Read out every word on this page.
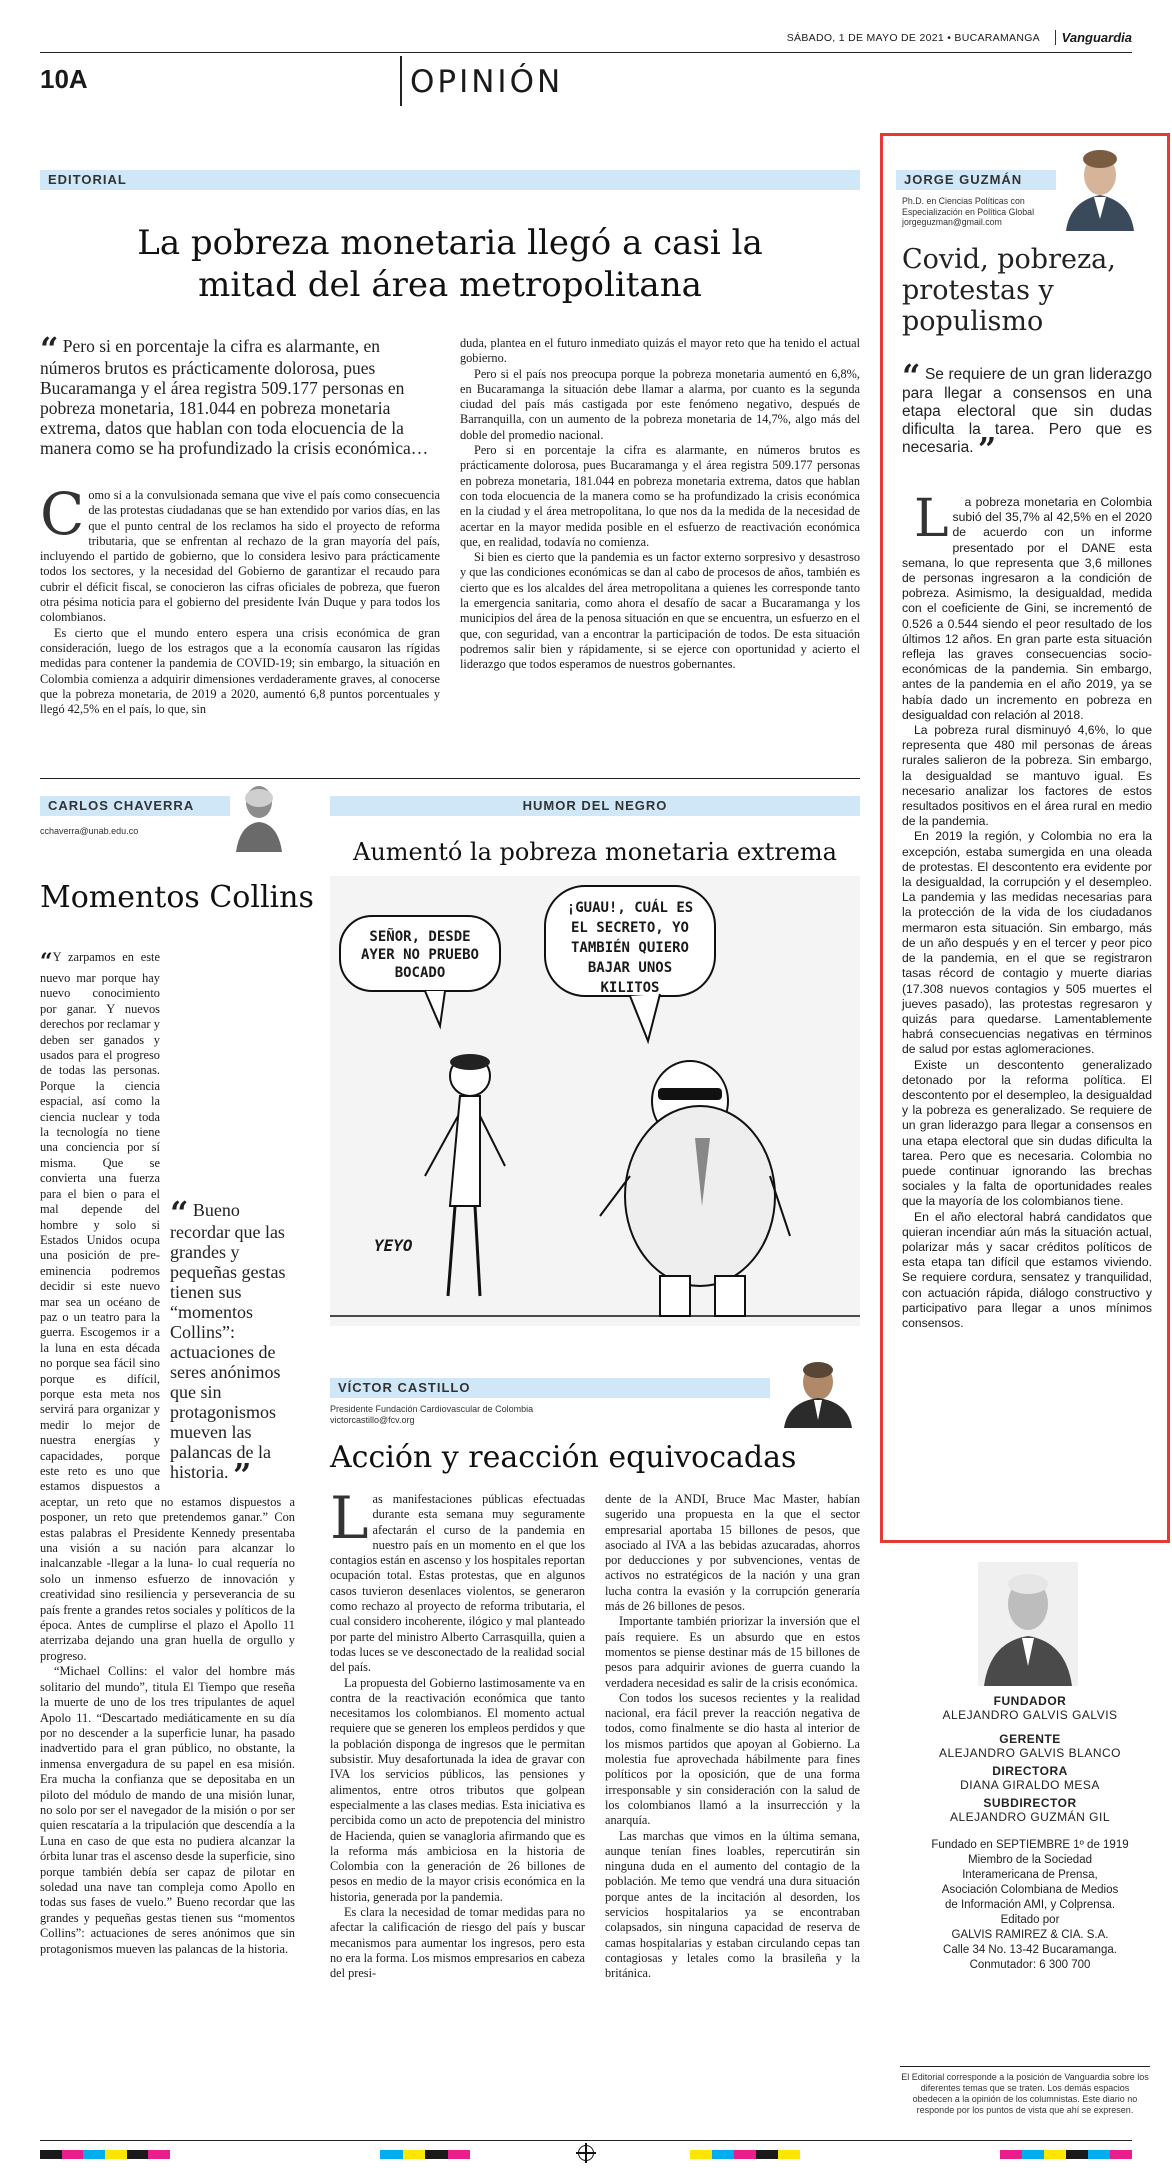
SÁBADO, 1 DE MAYO DE 2021 • BUCARAMANGA	Vanguardia
10A	OPINIÓN
EDITORIAL
La pobreza monetaria llegó a casi la mitad del área metropolitana
“ Pero si en porcentaje la cifra es alarmante, en números brutos es prácticamente dolorosa, pues Bucaramanga y el área registra 509.177 personas en pobreza monetaria, 181.044 en pobreza monetaria extrema, datos que hablan con toda elocuencia de la manera como se ha profundizado la crisis económica…

Como si a la convulsionada semana que vive el país como consecuencia de las protestas ciudadanas que se han extendido por varios días, en las que el punto central de los reclamos ha sido el proyecto de reforma tributaria, que se enfrentan al rechazo de la gran mayoría del país, incluyendo el partido de gobierno, que lo considera lesivo para prácticamente todos los sectores, y la necesidad del Gobierno de garantizar el recaudo para cubrir el déficit fiscal, se conocieron las cifras oficiales de pobreza, que fueron otra pésima noticia para el gobierno del presidente Iván Duque y para todos los colombianos.

Es cierto que el mundo entero espera una crisis económica de gran consideración, luego de los estragos que a la economía causaron las rígidas medidas para contener la pandemia de COVID-19; sin embargo, la situación en Colombia comienza a adquirir dimensiones verdaderamente graves, al conocerse que la pobreza monetaria, de 2019 a 2020, aumentó 6,8 puntos porcentuales y llegó 42,5% en el país, lo que, sin

duda, plantea en el futuro inmediato quizás el mayor reto que ha tenido el actual gobierno.

Pero si el país nos preocupa porque la pobreza monetaria aumentó en 6,8%, en Bucaramanga la situación debe llamar a alarma, por cuanto es la segunda ciudad del país más castigada por este fenómeno negativo, después de Barranquilla, con un aumento de la pobreza monetaria de 14,7%, algo más del doble del promedio nacional.

Pero si en porcentaje la cifra es alarmante, en números brutos es prácticamente dolorosa, pues Bucaramanga y el área registra 509.177 personas en pobreza monetaria, 181.044 en pobreza monetaria extrema, datos que hablan con toda elocuencia de la manera como se ha profundizado la crisis económica en la ciudad y el área metropolitana, lo que nos da la medida de la necesidad de acertar en la mayor medida posible en el esfuerzo de reactivación económica que, en realidad, todavía no comienza.

Si bien es cierto que la pandemia es un factor externo sorpresivo y desastroso y que las condiciones económicas se dan al cabo de procesos de años, también es cierto que es los alcaldes del área metropolitana a quienes les corresponde tanto la emergencia sanitaria, como ahora el desafío de sacar a Bucaramanga y los municipios del área de la penosa situación en que se encuentra, un esfuerzo en el que, con seguridad, van a encontrar la participación de todos. De esta situación podremos salir bien y rápidamente, si se ejerce con oportunidad y acierto el liderazgo que todos esperamos de nuestros gobernantes.

CARLOS CHAVERRA
cchaverra@unab.edu.co
Momentos Collins
“ Bueno recordar que las grandes y pequeñas gestas tienen sus “momentos Collins”: actuaciones de seres anónimos que sin protagonismos mueven las palancas de la historia. ”

“Y zarpamos en este nuevo mar porque hay nuevo conocimiento por ganar. Y nuevos derechos por reclamar y deben ser ganados y usados para el progreso de todas las personas. Porque la ciencia espacial, así como la ciencia nuclear y toda la tecnología no tiene una conciencia por sí misma. Que se convierta una fuerza para el bien o para el mal depende del hombre y solo si Estados Unidos ocupa una posición de pre-eminencia podremos decidir si este nuevo mar sea un océano de paz o un teatro para la guerra. Escogemos ir a la luna en esta década no porque sea fácil sino porque es difícil, porque esta meta nos servirá para organizar y medir lo mejor de nuestra energías y capacidades, porque este reto es uno que estamos dispuestos a aceptar, un reto que no estamos dispuestos a posponer, un reto que pretendemos ganar.” Con estas palabras el Presidente Kennedy presentaba una visión a su nación para alcanzar lo inalcanzable -llegar a la luna- lo cual requería no solo un inmenso esfuerzo de innovación y creatividad sino resiliencia y perseverancia de su país frente a grandes retos sociales y políticos de la época. Antes de cumplirse el plazo el Apollo 11 aterrizaba dejando una gran huella de orgullo y progreso.

“Michael Collins: el valor del hombre más solitario del mundo”, titula El Tiempo que reseña la muerte de uno de los tres tripulantes de aquel Apolo 11. “Descartado mediáticamente en su día por no descender a la superficie lunar, ha pasado inadvertido para el gran público, no obstante, la inmensa envergadura de su papel en esa misión. Era mucha la confianza que se depositaba en un piloto del módulo de mando de una misión lunar, no solo por ser el navegador de la misión o por ser quien rescataría a la tripulación que descendía a la Luna en caso de que esta no pudiera alcanzar la órbita lunar tras el ascenso desde la superficie, sino porque también debía ser capaz de pilotar en soledad una nave tan compleja como Apollo en todas sus fases de vuelo.” Bueno recordar que las grandes y pequeñas gestas tienen sus “momentos Collins”: actuaciones de seres anónimos que sin protagonismos mueven las palancas de la historia.

HUMOR DEL NEGRO
Aumentó la pobreza monetaria extrema
SEÑOR, DESDE AYER NO PRUEBO BOCADO
¡GUAU!, CUÁL ES EL SECRETO, YO TAMBIÉN QUIERO BAJAR UNOS KILITOS
YEYO
VÍCTOR CASTILLO
Presidente Fundación Cardiovascular de Colombia
victorcastillo@fcv.org
Acción y reacción equivocadas

Las manifestaciones públicas efectuadas durante esta semana muy seguramente afectarán el curso de la pandemia en nuestro país en un momento en el que los contagios están en ascenso y los hospitales reportan ocupación total. Estas protestas, que en algunos casos tuvieron desenlaces violentos, se generaron como rechazo al proyecto de reforma tributaria, el cual considero incoherente, ilógico y mal planteado por parte del ministro Alberto Carrasquilla, quien a todas luces se ve desconectado de la realidad social del país.

La propuesta del Gobierno lastimosamente va en contra de la reactivación económica que tanto necesitamos los colombianos. El momento actual requiere que se generen los empleos perdidos y que la población disponga de ingresos que le permitan subsistir. Muy desafortunada la idea de gravar con IVA los servicios públicos, las pensiones y alimentos, entre otros tributos que golpean especialmente a las clases medias. Esta iniciativa es percibida como un acto de prepotencia del ministro de Hacienda, quien se vanagloria afirmando que es la reforma más ambiciosa en la historia de Colombia con la generación de 26 billones de pesos en medio de la mayor crisis económica en la historia, generada por la pandemia.

Es clara la necesidad de tomar medidas para no afectar la calificación de riesgo del país y buscar mecanismos para aumentar los ingresos, pero esta no era la forma. Los mismos empresarios en cabeza del presi-

dente de la ANDI, Bruce Mac Master, habían sugerido una propuesta en la que el sector empresarial aportaba 15 billones de pesos, que asociado al IVA a las bebidas azucaradas, ahorros por deducciones y por subvenciones, ventas de activos no estratégicos de la nación y una gran lucha contra la evasión y la corrupción generaría más de 26 billones de pesos.

Importante también priorizar la inversión que el país requiere. Es un absurdo que en estos momentos se piense destinar más de 15 billones de pesos para adquirir aviones de guerra cuando la verdadera necesidad es salir de la crisis económica.

Con todos los sucesos recientes y la realidad nacional, era fácil prever la reacción negativa de todos, como finalmente se dio hasta al interior de los mismos partidos que apoyan al Gobierno. La molestia fue aprovechada hábilmente para fines políticos por la oposición, que de una forma irresponsable y sin consideración con la salud de los colombianos llamó a la insurrección y la anarquía.

Las marchas que vimos en la última semana, aunque tenían fines loables, repercutirán sin ninguna duda en el aumento del contagio de la población. Me temo que vendrá una dura situación porque antes de la incitación al desorden, los servicios hospitalarios ya se encontraban colapsados, sin ninguna capacidad de reserva de camas hospitalarias y estaban circulando cepas tan contagiosas y letales como la brasileña y la británica.

JORGE GUZMÁN
Ph.D. en Ciencias Políticas con
Especialización en Política Global
jorgeguzman@gmail.com
Covid, pobreza, protestas y populismo
“ Se requiere de un gran liderazgo para llegar a consensos en una etapa electoral que sin dudas dificulta la tarea. Pero que es necesaria. ”

L a pobreza monetaria en Colombia subió del 35,7% al 42,5% en el 2020 de acuerdo con un informe presentado por el DANE esta semana, lo que representa que 3,6 millones de personas ingresaron a la condición de pobreza. Asimismo, la desigualdad, medida con el coeficiente de Gini, se incrementó de 0.526 a 0.544 siendo el peor resultado de los últimos 12 años. En gran parte esta situación refleja las graves consecuencias socio-económicas de la pandemia. Sin embargo, antes de la pandemia en el año 2019, ya se había dado un incremento en pobreza en desigualdad con relación al 2018.

La pobreza rural disminuyó 4,6%, lo que representa que 480 mil personas de áreas rurales salieron de la pobreza. Sin embargo, la desigualdad se mantuvo igual. Es necesario analizar los factores de estos resultados positivos en el área rural en medio de la pandemia.

En 2019 la región, y Colombia no era la excepción, estaba sumergida en una oleada de protestas. El descontento era evidente por la desigualdad, la corrupción y el desempleo. La pandemia y las medidas necesarias para la protección de la vida de los ciudadanos mermaron esta situación. Sin embargo, más de un año después y en el tercer y peor pico de la pandemia, en el que se registraron tasas récord de contagio y muerte diarias (17.308 nuevos contagios y 505 muertes el jueves pasado), las protestas regresaron y quizás para quedarse. Lamentablemente habrá consecuencias negativas en términos de salud por estas aglomeraciones.

Existe un descontento generalizado detonado por la reforma política. El descontento por el desempleo, la desigualdad y la pobreza es generalizado. Se requiere de un gran liderazgo para llegar a consensos en una etapa electoral que sin dudas dificulta la tarea. Pero que es necesaria. Colombia no puede continuar ignorando las brechas sociales y la falta de oportunidades reales que la mayoría de los colombianos tiene.

En el año electoral habrá candidatos que quieran incendiar aún más la situación actual, polarizar más y sacar créditos políticos de esta etapa tan difícil que estamos viviendo. Se requiere cordura, sensatez y tranquilidad, con actuación rápida, diálogo constructivo y participativo para llegar a unos mínimos consensos.

FUNDADOR
ALEJANDRO GALVIS GALVIS
GERENTE
ALEJANDRO GALVIS BLANCO
DIRECTORA
DIANA GIRALDO MESA
SUBDIRECTOR
ALEJANDRO GUZMÁN GIL
Fundado en SEPTIEMBRE 1º de 1919
Miembro de la Sociedad
Interamericana de Prensa,
Asociación Colombiana de Medios
de Información AMI, y Colprensa.
Editado por
GALVIS RAMIREZ & CIA. S.A.
Calle 34 No. 13-42 Bucaramanga.
Conmutador: 6 300 700
El Editorial corresponde a la posición de Vanguardia sobre los diferentes temas que se traten. Los demás espacios obedecen a la opinión de los columnistas. Este diario no responde por los puntos de vista que ahí se expresen.
